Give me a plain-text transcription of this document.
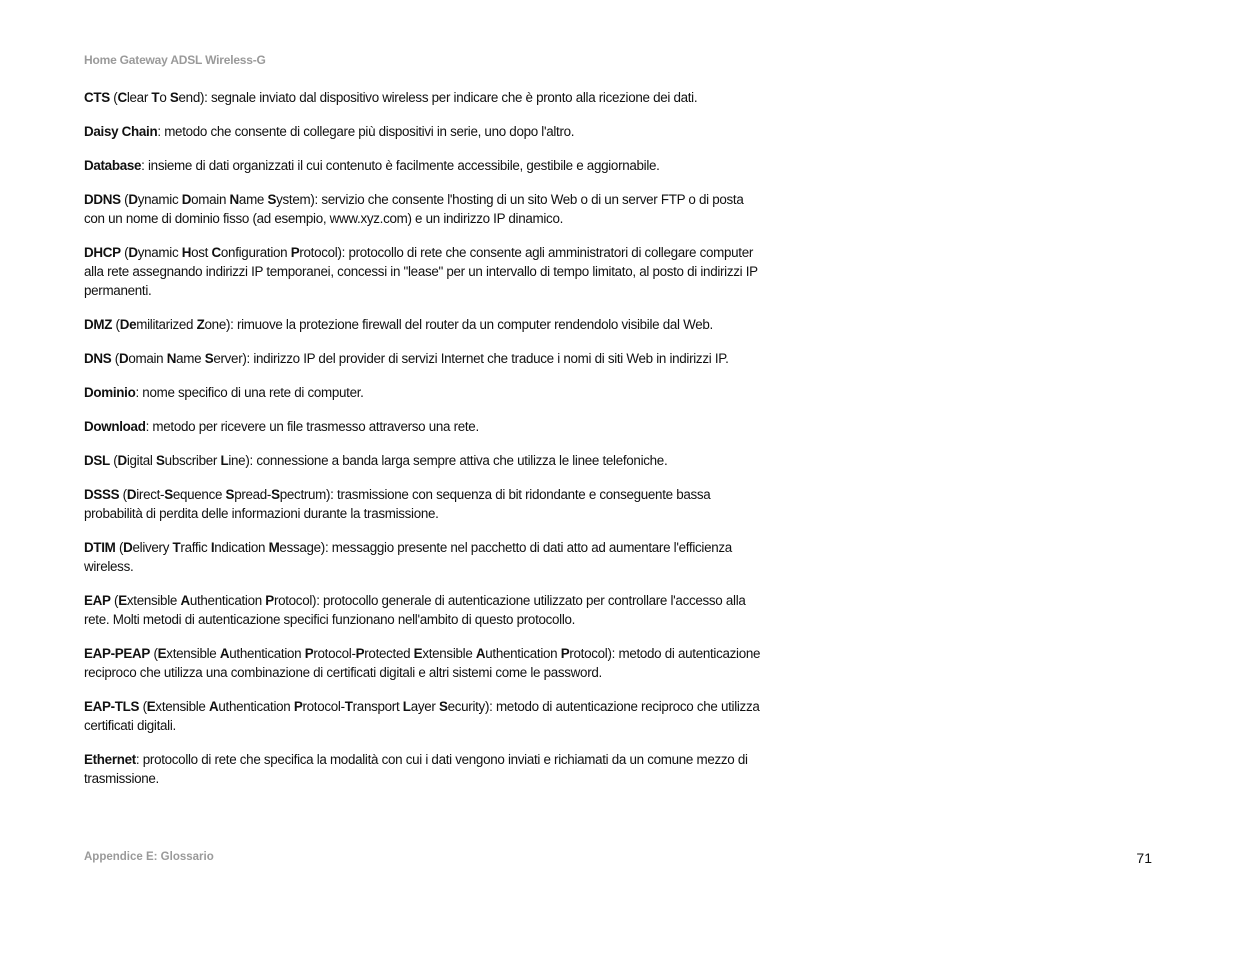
Home Gateway ADSL Wireless-G

CTS (Clear To Send): segnale inviato dal dispositivo wireless per indicare che è pronto alla ricezione dei dati.

Daisy Chain: metodo che consente di collegare più dispositivi in serie, uno dopo l'altro.

Database: insieme di dati organizzati il cui contenuto è facilmente accessibile, gestibile e aggiornabile.

DDNS (Dynamic Domain Name System): servizio che consente l'hosting di un sito Web o di un server FTP o di posta con un nome di dominio fisso (ad esempio, www.xyz.com) e un indirizzo IP dinamico.

DHCP (Dynamic Host Configuration Protocol): protocollo di rete che consente agli amministratori di collegare computer alla rete assegnando indirizzi IP temporanei, concessi in "lease" per un intervallo di tempo limitato, al posto di indirizzi IP permanenti.

DMZ (Demilitarized Zone): rimuove la protezione firewall del router da un computer rendendolo visibile dal Web.

DNS (Domain Name Server): indirizzo IP del provider di servizi Internet che traduce i nomi di siti Web in indirizzi IP.

Dominio: nome specifico di una rete di computer.

Download: metodo per ricevere un file trasmesso attraverso una rete.

DSL (Digital Subscriber Line): connessione a banda larga sempre attiva che utilizza le linee telefoniche.

DSSS (Direct-Sequence Spread-Spectrum): trasmissione con sequenza di bit ridondante e conseguente bassa probabilità di perdita delle informazioni durante la trasmissione.

DTIM (Delivery Traffic Indication Message): messaggio presente nel pacchetto di dati atto ad aumentare l'efficienza wireless.

EAP (Extensible Authentication Protocol): protocollo generale di autenticazione utilizzato per controllare l'accesso alla rete. Molti metodi di autenticazione specifici funzionano nell'ambito di questo protocollo.

EAP-PEAP (Extensible Authentication Protocol-Protected Extensible Authentication Protocol): metodo di autenticazione reciproco che utilizza una combinazione di certificati digitali e altri sistemi come le password.

EAP-TLS (Extensible Authentication Protocol-Transport Layer Security): metodo di autenticazione reciproco che utilizza certificati digitali.

Ethernet: protocollo di rete che specifica la modalità con cui i dati vengono inviati e richiamati da un comune mezzo di trasmissione.

Appendice E: Glossario	71
